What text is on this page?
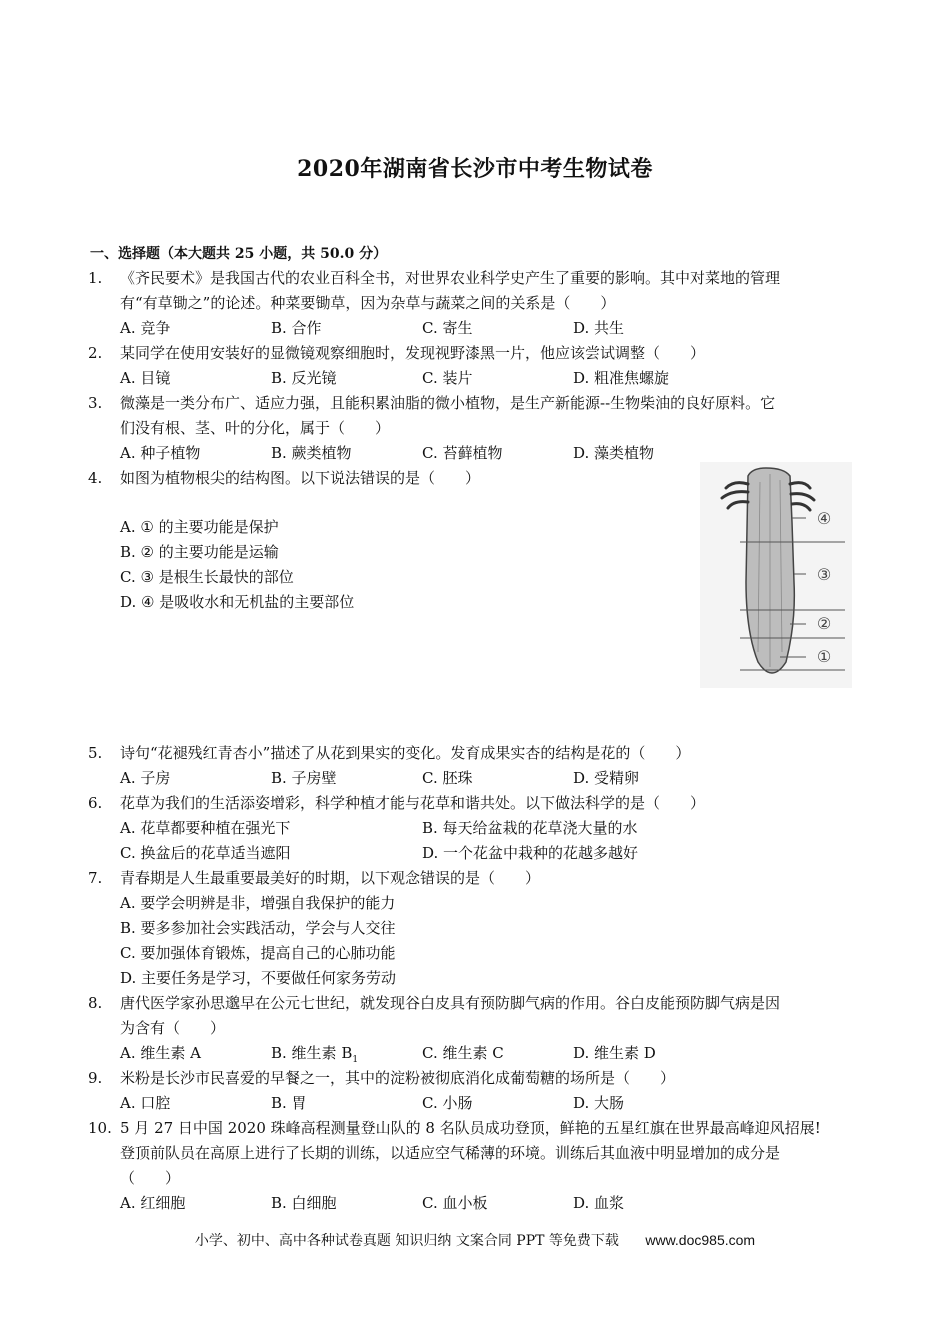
2020年湖南省长沙市中考生物试卷
一、选择题（本大题共 25 小题，共 50.0 分）
1.	《齐民要术》是我国古代的农业百科全书，对世界农业科学史产生了重要的影响。其中对菜地的管理
有“有草锄之”的论述。种菜要锄草，因为杂草与蔬菜之间的关系是（　　）
A. 竞争	B. 合作	C. 寄生	D. 共生
2.	某同学在使用安装好的显微镜观察细胞时，发现视野漆黑一片，他应该尝试调整（　　）
A. 目镜	B. 反光镜	C. 装片	D. 粗准焦螺旋
3.	微藻是一类分布广、适应力强，且能积累油脂的微小植物，是生产新能源--生物柴油的良好原料。它
们没有根、茎、叶的分化，属于（　　）
A. 种子植物	B. 蕨类植物	C. 苔藓植物	D. 藻类植物
4.	如图为植物根尖的结构图。以下说法错误的是（　　）
A. ① 的主要功能是保护
B. ② 的主要功能是运输
C. ③ 是根生长最快的部位
D. ④ 是吸收水和无机盐的主要部位
④
③
②
①
5.	诗句“花褪残红青杏小”描述了从花到果实的变化。发育成果实杏的结构是花的（　　）
A. 子房	B. 子房壁	C. 胚珠	D. 受精卵
6.	花草为我们的生活添姿增彩，科学种植才能与花草和谐共处。以下做法科学的是（　　）
A. 花草都要种植在强光下	B. 每天给盆栽的花草浇大量的水
C. 换盆后的花草适当遮阳	D. 一个花盆中栽种的花越多越好
7.	青春期是人生最重要最美好的时期，以下观念错误的是（　　）
A. 要学会明辨是非，增强自我保护的能力
B. 要多参加社会实践活动，学会与人交往
C. 要加强体育锻炼，提高自己的心肺功能
D. 主要任务是学习，不要做任何家务劳动
8.	唐代医学家孙思邈早在公元七世纪，就发现谷白皮具有预防脚气病的作用。谷白皮能预防脚气病是因
为含有（　　）
A. 维生素 A	B. 维生素 $B_1$	C. 维生素 C	D. 维生素 D
9.	米粉是长沙市民喜爱的早餐之一，其中的淀粉被彻底消化成葡萄糖的场所是（　　）
A. 口腔	B. 胃	C. 小肠	D. 大肠
10. 5 月 27 日中国 2020 珠峰高程测量登山队的 8 名队员成功登顶，鲜艳的五星红旗在世界最高峰迎风招展!
登顶前队员在高原上进行了长期的训练，以适应空气稀薄的环境。训练后其血液中明显增加的成分是
（　　）
A. 红细胞	B. 白细胞	C. 血小板	D. 血浆
小学、初中、高中各种试卷真题 知识归纳 文案合同 PPT 等免费下载 www.doc985.com
